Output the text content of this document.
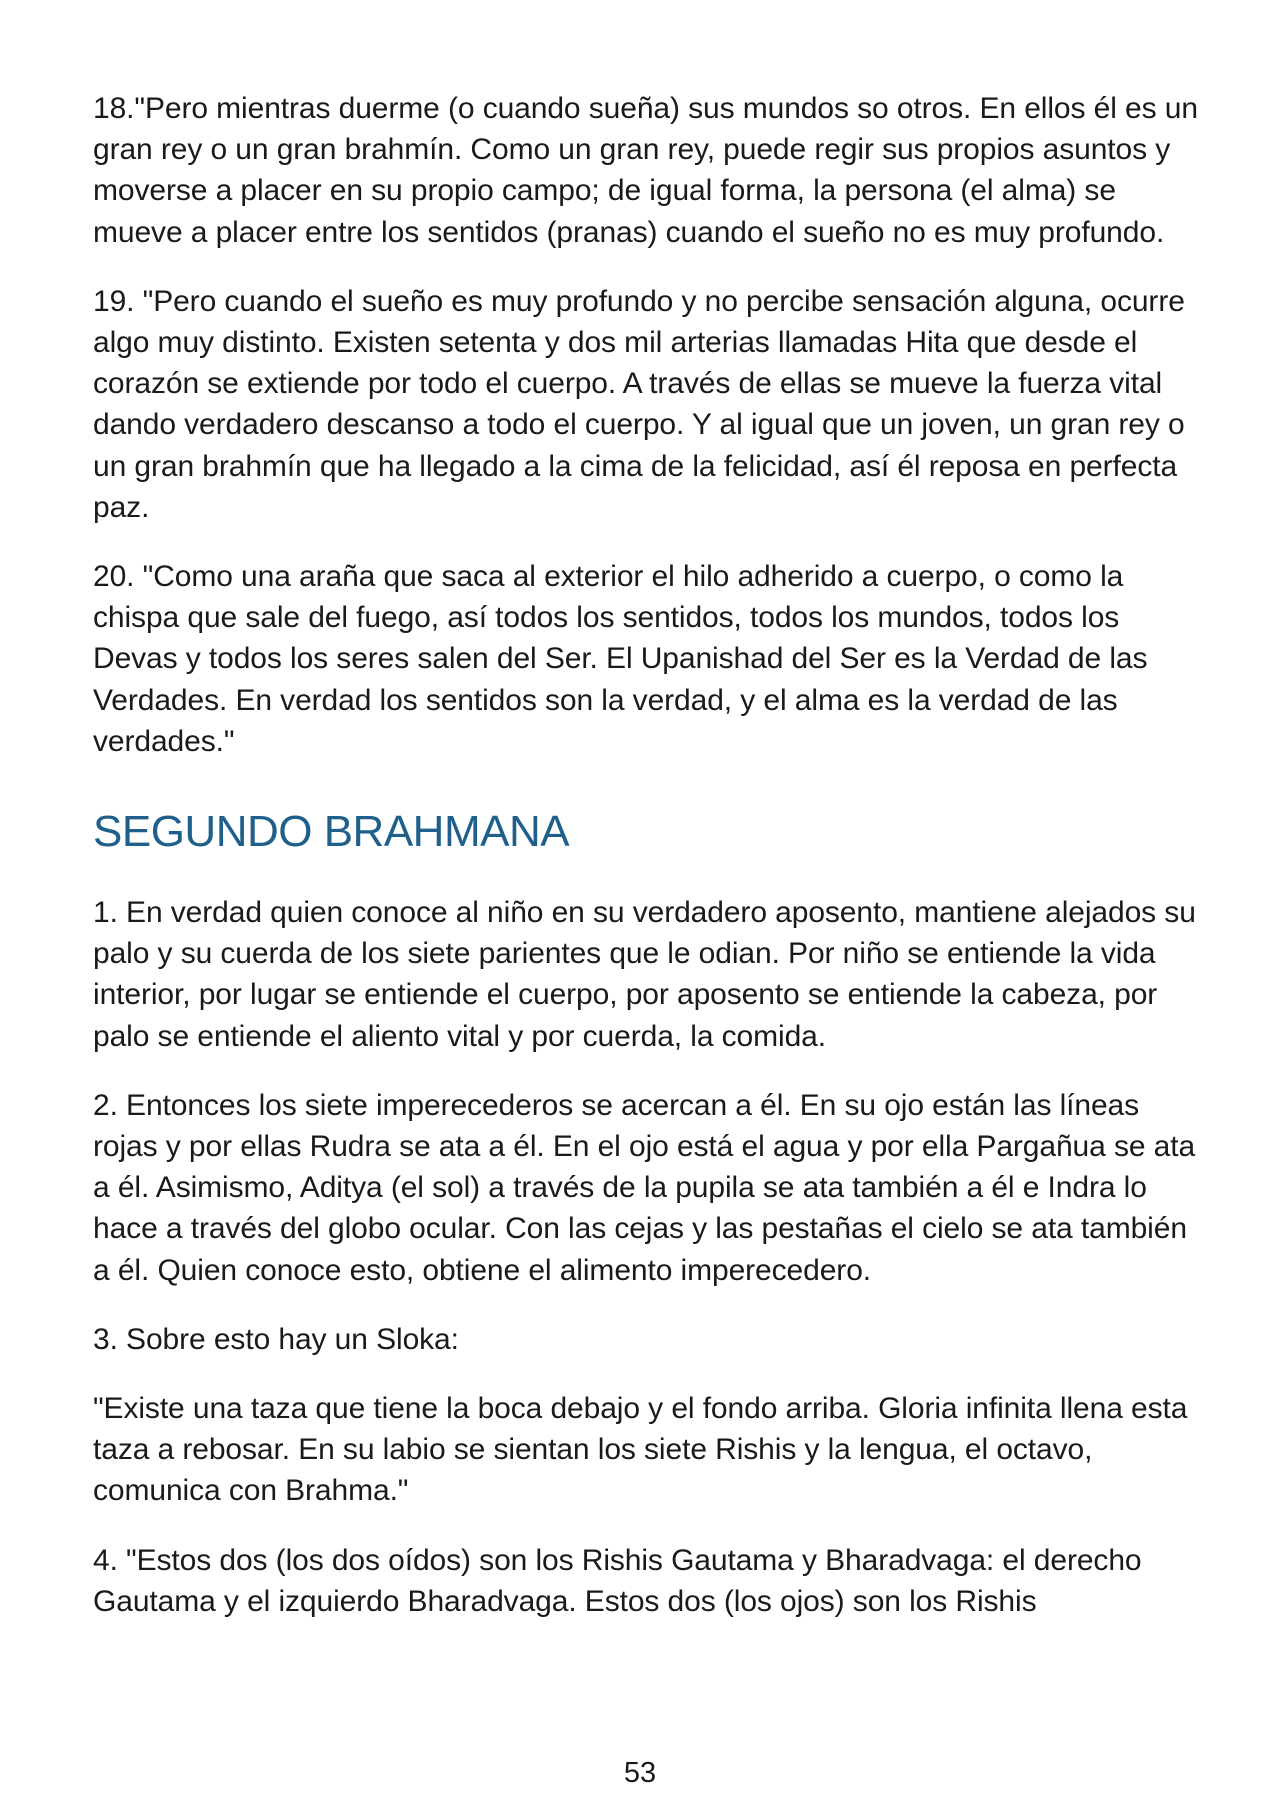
18."Pero mientras duerme (o cuando sueña) sus mundos so otros. En ellos él es un gran rey o un gran brahmín. Como un gran rey, puede regir sus propios asuntos y moverse a placer en su propio campo; de igual forma, la persona (el alma) se mueve a placer entre los sentidos (pranas) cuando el sueño no es muy profundo.

19. "Pero cuando el sueño es muy profundo y no percibe sensación alguna, ocurre algo muy distinto. Existen setenta y dos mil arterias llamadas Hita que desde el corazón se extiende por todo el cuerpo. A través de ellas se mueve la fuerza vital dando verdadero descanso a todo el cuerpo. Y al igual que un joven, un gran rey o un gran brahmín que ha llegado a la cima de la felicidad, así él reposa en perfecta paz.

20. "Como una araña que saca al exterior el hilo adherido a cuerpo, o como la chispa que sale del fuego, así todos los sentidos, todos los mundos, todos los Devas y todos los seres salen del Ser. El Upanishad del Ser es la Verdad de las Verdades. En verdad los sentidos son la verdad, y el alma es la verdad de las verdades."

SEGUNDO BRAHMANA

1. En verdad quien conoce al niño en su verdadero aposento, mantiene alejados su palo y su cuerda de los siete parientes que le odian. Por niño se entiende la vida interior, por lugar se entiende el cuerpo, por aposento se entiende la cabeza, por palo se entiende el aliento vital y por cuerda, la comida.

2. Entonces los siete imperecederos se acercan a él. En su ojo están las líneas rojas y por ellas Rudra se ata a él. En el ojo está el agua y por ella Pargañua se ata a él. Asimismo, Aditya (el sol) a través de la pupila se ata también a él e Indra lo hace a través del globo ocular. Con las cejas y las pestañas el cielo se ata también a él. Quien conoce esto, obtiene el alimento imperecedero.

3. Sobre esto hay un Sloka:

"Existe una taza que tiene la boca debajo y el fondo arriba. Gloria infinita llena esta taza a rebosar. En su labio se sientan los siete Rishis y la lengua, el octavo, comunica con Brahma."

4. "Estos dos (los dos oídos) son los Rishis Gautama y Bharadvaga: el derecho Gautama y el izquierdo Bharadvaga. Estos dos (los ojos) son los Rishis

53
